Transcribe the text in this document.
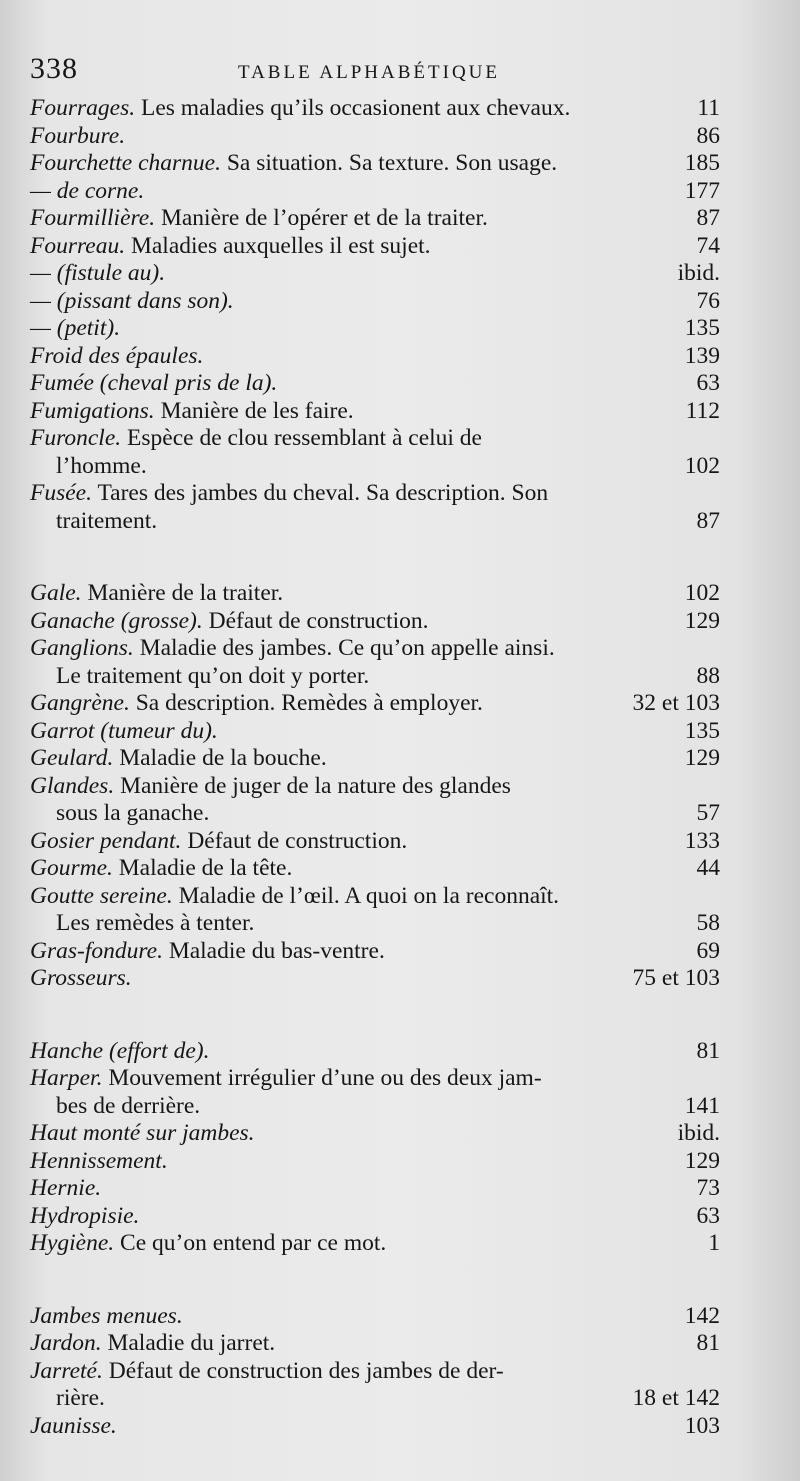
338	TABLE ALPHABÉTIQUE
Fourrages. Les maladies qu’ils occasionent aux chevaux.	11
Fourbure.	86
Fourchette charnue. Sa situation. Sa texture. Son usage.	185
— de corne.	177
Fourmillière. Manière de l’opérer et de la traiter.	87
Fourreau. Maladies auxquelles il est sujet.	74
— (fistule au).	ibid.
— (pissant dans son).	76
— (petit).	135
Froid des épaules.	139
Fumée (cheval pris de la).	63
Fumigations. Manière de les faire.	112
Furoncle. Espèce de clou ressemblant à celui de
l’homme.	102
Fusée. Tares des jambes du cheval. Sa description. Son
traitement.	87
Gale. Manière de la traiter.	102
Ganache (grosse). Défaut de construction.	129
Ganglions. Maladie des jambes. Ce qu’on appelle ainsi.
Le traitement qu’on doit y porter.	88
Gangrène. Sa description. Remèdes à employer.	32 et 103
Garrot (tumeur du).	135
Geulard. Maladie de la bouche.	129
Glandes. Manière de juger de la nature des glandes
sous la ganache.	57
Gosier pendant. Défaut de construction.	133
Gourme. Maladie de la tête.	44
Goutte sereine. Maladie de l’œil. A quoi on la reconnaît.
Les remèdes à tenter.	58
Gras-fondure. Maladie du bas-ventre.	69
Grosseurs.	75 et 103
Hanche (effort de).	81
Harper. Mouvement irrégulier d’une ou des deux jam-
bes de derrière.	141
Haut monté sur jambes.	ibid.
Hennissement.	129
Hernie.	73
Hydropisie.	63
Hygiène. Ce qu’on entend par ce mot.	1
Jambes menues.	142
Jardon. Maladie du jarret.	81
Jarreté. Défaut de construction des jambes de der-
rière.	18 et 142
Jaunisse.	103
